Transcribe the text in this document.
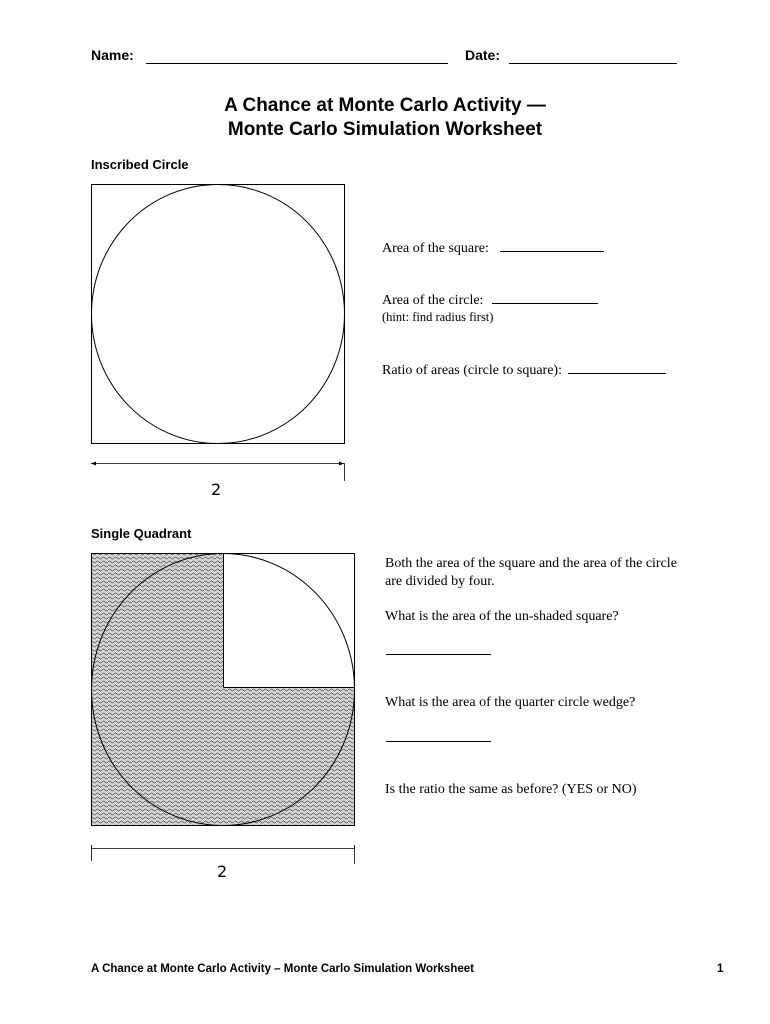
Name:	Date:
A Chance at Monte Carlo Activity —
Monte Carlo Simulation Worksheet
Inscribed Circle
2
2
Area of the square:
Area of the circle:
(hint: find radius first)
Ratio of areas (circle to square):
Single Quadrant
Both the area of the square and the area of the circle
are divided by four.
What is the area of the un-shaded square?
What is the area of the quarter circle wedge?
Is the ratio the same as before? (YES or NO)
A Chance at Monte Carlo Activity – Monte Carlo Simulation Worksheet	1
